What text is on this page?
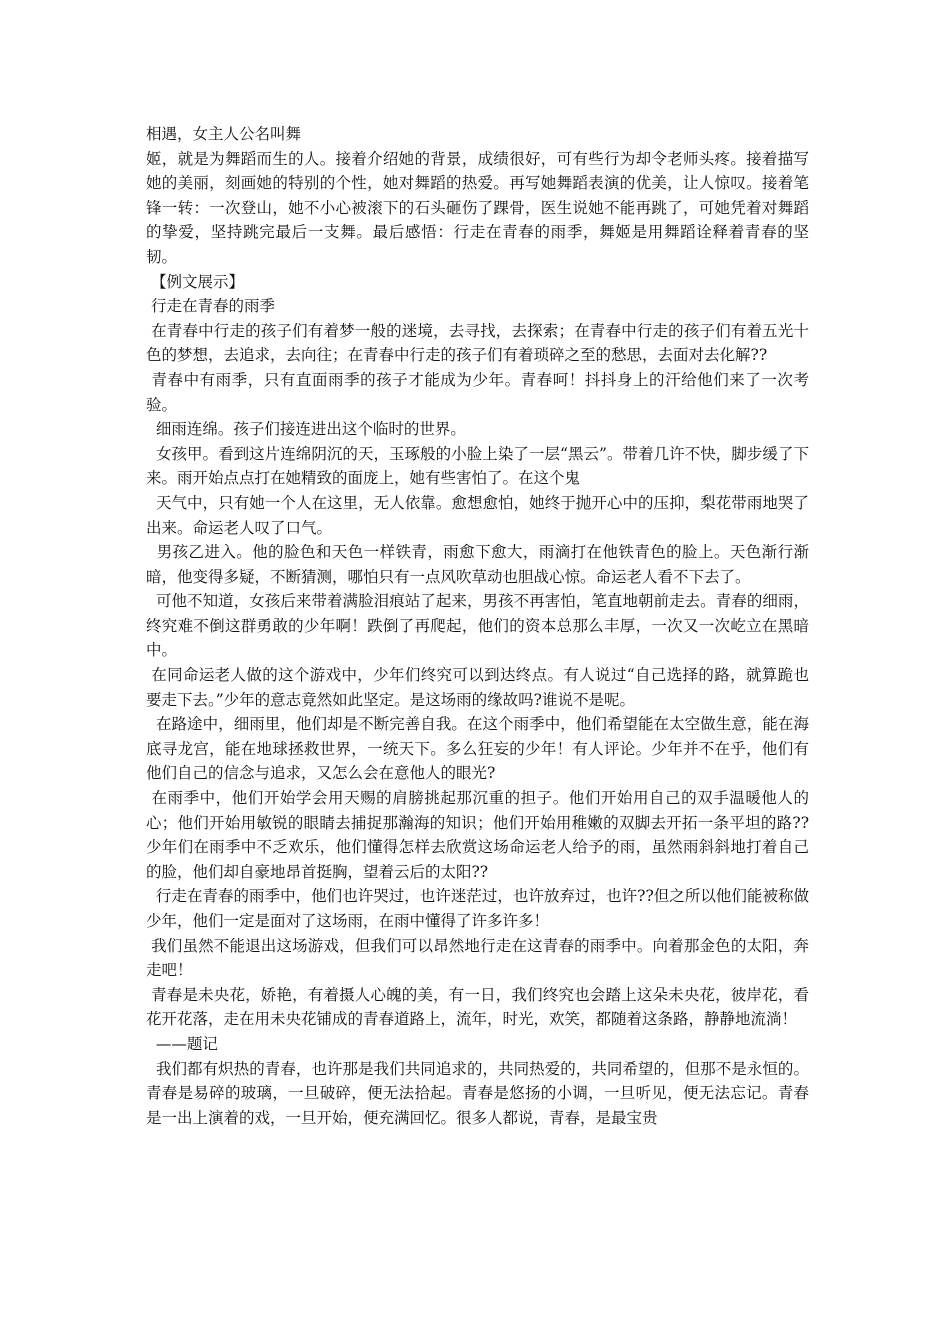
相遇，女主人公名叫舞

姬，就是为舞蹈而生的人。接着介绍她的背景，成绩很好，可有些行为却令老师头疼。接着描写她的美丽，刻画她的特别的个性，她对舞蹈的热爱。再写她舞蹈表演的优美，让人惊叹。接着笔锋一转：一次登山，她不小心被滚下的石头砸伤了踝骨，医生说她不能再跳了，可她凭着对舞蹈的挚爱，坚持跳完最后一支舞。最后感悟：行走在青春的雨季，舞姬是用舞蹈诠释着青春的坚韧。

【例文展示】

行走在青春的雨季

在青春中行走的孩子们有着梦一般的迷境，去寻找，去探索；在青春中行走的孩子们有着五光十色的梦想，去追求，去向往；在青春中行走的孩子们有着琐碎之至的愁思，去面对去化解??

青春中有雨季，只有直面雨季的孩子才能成为少年。青春呵！抖抖身上的汗给他们来了一次考验。

细雨连绵。孩子们接连进出这个临时的世界。

女孩甲。看到这片连绵阴沉的天，玉琢般的小脸上染了一层“黑云”。带着几许不快，脚步缓了下来。雨开始点点打在她精致的面庞上，她有些害怕了。在这个鬼

天气中，只有她一个人在这里，无人依靠。愈想愈怕，她终于抛开心中的压抑，梨花带雨地哭了出来。命运老人叹了口气。

男孩乙进入。他的脸色和天色一样铁青，雨愈下愈大，雨滴打在他铁青色的脸上。天色渐行渐暗，他变得多疑，不断猜测，哪怕只有一点风吹草动也胆战心惊。命运老人看不下去了。

可他不知道，女孩后来带着满脸泪痕站了起来，男孩不再害怕，笔直地朝前走去。青春的细雨，终究难不倒这群勇敢的少年啊！跌倒了再爬起，他们的资本总那么丰厚，一次又一次屹立在黑暗中。

在同命运老人做的这个游戏中，少年们终究可以到达终点。有人说过“自己选择的路，就算跪也要走下去。”少年的意志竟然如此坚定。是这场雨的缘故吗?谁说不是呢。

在路途中，细雨里，他们却是不断完善自我。在这个雨季中，他们希望能在太空做生意，能在海底寻龙宫，能在地球拯救世界，一统天下。多么狂妄的少年！有人评论。少年并不在乎，他们有他们自己的信念与追求，又怎么会在意他人的眼光?

在雨季中，他们开始学会用天赐的肩膀挑起那沉重的担子。他们开始用自己的双手温暖他人的心；他们开始用敏锐的眼睛去捕捉那瀚海的知识；他们开始用稚嫩的双脚去开拓一条平坦的路??少年们在雨季中不乏欢乐，他们懂得怎样去欣赏这场命运老人给予的雨，虽然雨斜斜地打着自己的脸，他们却自豪地昂首挺胸，望着云后的太阳??

行走在青春的雨季中，他们也许哭过，也许迷茫过，也许放弃过，也许??但之所以他们能被称做少年，他们一定是面对了这场雨，在雨中懂得了许多许多！

我们虽然不能退出这场游戏，但我们可以昂然地行走在这青春的雨季中。向着那金色的太阳，奔走吧！

青春是未央花，娇艳，有着摄人心魄的美，有一日，我们终究也会踏上这朵未央花，彼岸花，看花开花落，走在用未央花铺成的青春道路上，流年，时光，欢笑，都随着这条路，静静地流淌！

——题记

我们都有炽热的青春，也许那是我们共同追求的，共同热爱的，共同希望的，但那不是永恒的。青春是易碎的玻璃，一旦破碎，便无法拾起。青春是悠扬的小调，一旦听见，便无法忘记。青春是一出上演着的戏，一旦开始，便充满回忆。很多人都说，青春，是最宝贵
